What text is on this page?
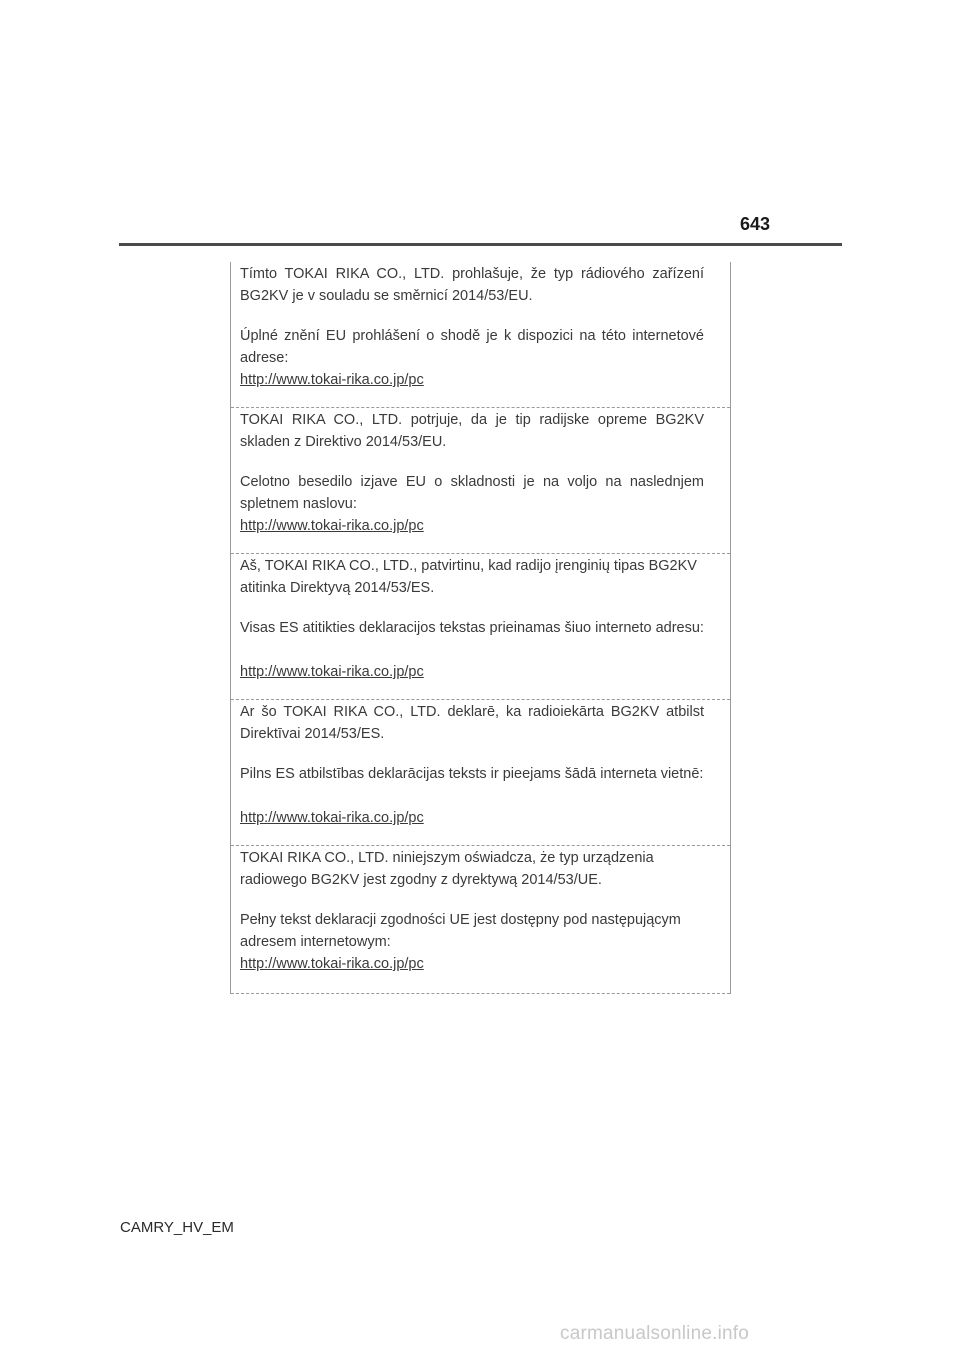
643
Tímto TOKAI RIKA CO., LTD. prohlašuje, že typ rádiového zařízení BG2KV je v souladu se směrnicí 2014/53/EU.
Úplné znění EU prohlášení o shodě je k dispozici na této internetové adrese:
http://www.tokai-rika.co.jp/pc
TOKAI RIKA CO., LTD. potrjuje, da je tip radijske opreme BG2KV skladen z Direktivo 2014/53/EU.
Celotno besedilo izjave EU o skladnosti je na voljo na naslednjem spletnem naslovu:
http://www.tokai-rika.co.jp/pc
Aš, TOKAI RIKA CO., LTD., patvirtinu, kad radijo įrenginių tipas BG2KV atitinka Direktyvą 2014/53/ES.
Visas ES atitikties deklaracijos tekstas prieinamas šiuo interneto adresu:
http://www.tokai-rika.co.jp/pc
Ar šo TOKAI RIKA CO., LTD. deklarē, ka radioiekārta BG2KV atbilst Direktīvai 2014/53/ES.
Pilns ES atbilstības deklarācijas teksts ir pieejams šādā interneta vietnē:
http://www.tokai-rika.co.jp/pc
TOKAI RIKA CO., LTD. niniejszym oświadcza, że typ urządzenia radiowego BG2KV jest zgodny z dyrektywą 2014/53/UE.
Pełny tekst deklaracji zgodności UE jest dostępny pod następującym adresem internetowym:
http://www.tokai-rika.co.jp/pc
CAMRY_HV_EM
carmanualsonline.info
